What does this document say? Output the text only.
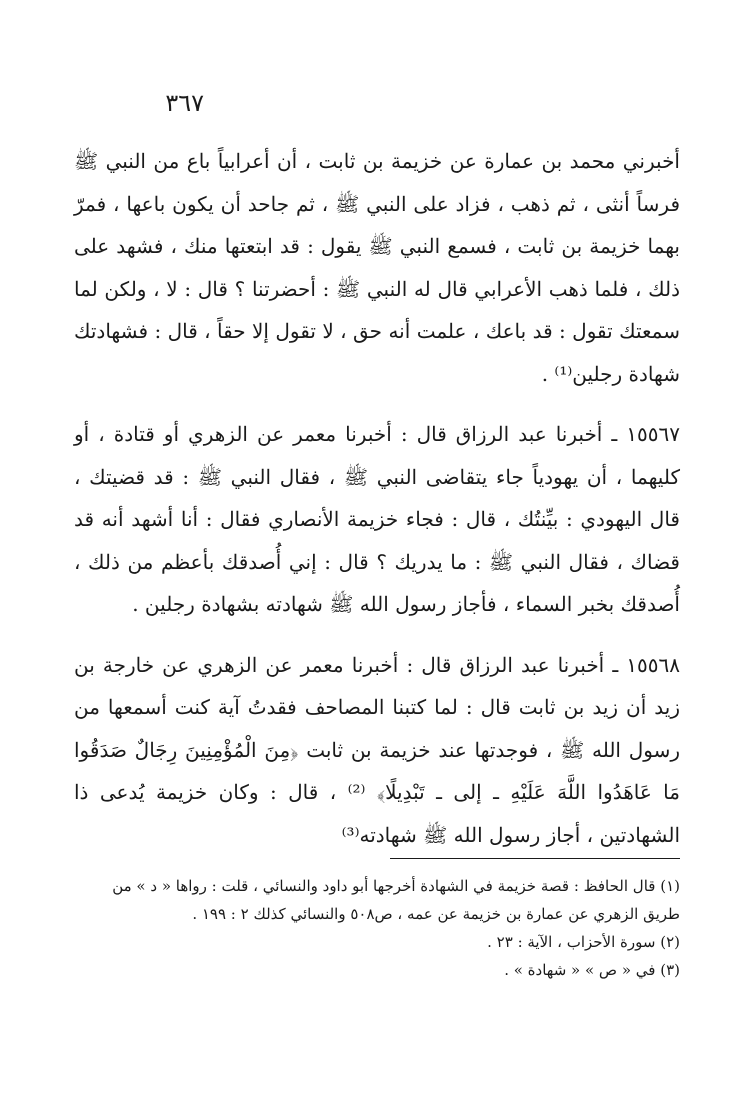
٣٦٧

أخبرني محمد بن عمارة عن خزيمة بن ثابت ، أن أعرابياً باع من النبي ﷺ فرساً أنثى ، ثم ذهب ، فزاد على النبي ﷺ ، ثم جاحد أن يكون باعها ، فمرّ بهما خزيمة بن ثابت ، فسمع النبي ﷺ يقول : قد ابتعتها منك ، فشهد على ذلك ، فلما ذهب الأعرابي قال له النبي ﷺ : أحضرتنا ؟ قال : لا ، ولكن لما سمعتك تقول : قد باعك ، علمت أنه حق ، لا تقول إلا حقاً ، قال : فشهادتك شهادة رجلين⁽¹⁾ .

١٥٥٦٧ ـ أخبرنا عبد الرزاق قال : أخبرنا معمر عن الزهري أو قتادة ، أو كليهما ، أن يهودياً جاء يتقاضى النبي ﷺ ، فقال النبي ﷺ : قد قضيتك ، قال اليهودي : بيِّنتُك ، قال : فجاء خزيمة الأنصاري فقال : أنا أشهد أنه قد قضاك ، فقال النبي ﷺ : ما يدريك ؟ قال : إني أُصدقك بأعظم من ذلك ، أُصدقك بخبر السماء ، فأجاز رسول الله ﷺ شهادته بشهادة رجلين .

١٥٥٦٨ ـ أخبرنا عبد الرزاق قال : أخبرنا معمر عن الزهري عن خارجة بن زيد أن زيد بن ثابت قال : لما كتبنا المصاحف فقدتُ آية كنت أسمعها من رسول الله ﷺ ، فوجدتها عند خزيمة بن ثابت ﴿مِنَ الْمُؤْمِنِينَ رِجَالٌ صَدَقُوا مَا عَاهَدُوا اللَّهَ عَلَيْهِ ـ إلى ـ تَبْدِيلًا﴾ ⁽²⁾ ، قال : وكان خزيمة يُدعى ذا الشهادتين ، أجاز رسول الله ﷺ شهادته⁽³⁾

(١) قال الحافظ : قصة خزيمة في الشهادة أخرجها أبو داود والنسائي ، قلت : رواها « د » من طريق الزهري عن عمارة بن خزيمة عن عمه ، ص٥٠٨ والنسائي كذلك ٢ : ١٩٩ .

(٢) سورة الأحزاب ، الآية : ٢٣ .

(٣) في « ص » « شهادة » .
